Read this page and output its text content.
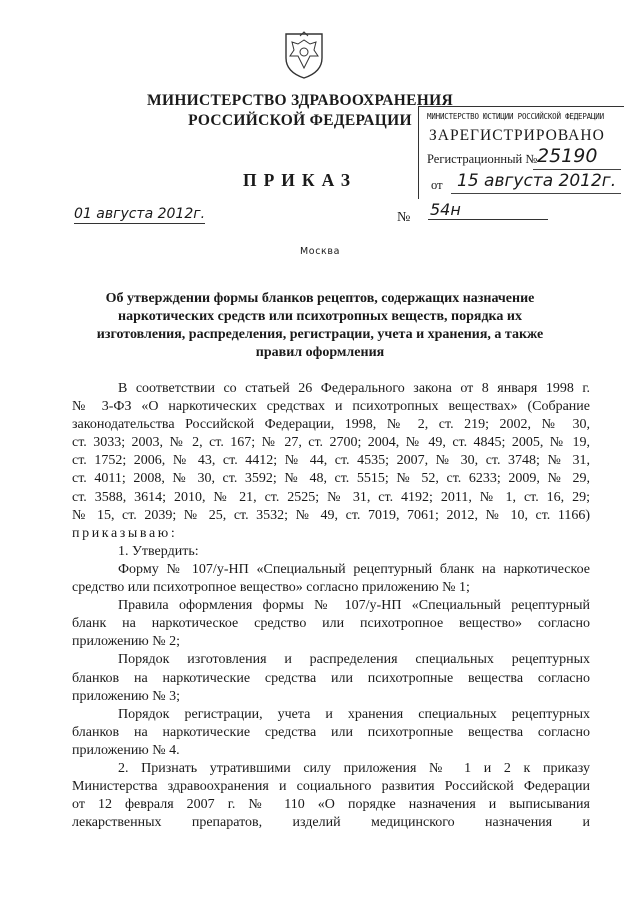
МИНИСТЕРСТВО ЗДРАВООХРАНЕНИЯ
РОССИЙСКОЙ ФЕДЕРАЦИИ	МИНИСТЕРСТВО ЮСТИЦИИ РОССИЙСКОЙ ФЕДЕРАЦИИ
ЗАРЕГИСТРИРОВАНО
Регистрационный № 25190
от 15 августа 2012г.
ПРИКАЗ
01 августа 2012г.	№ 54н
Москва
Об утверждении формы бланков рецептов, содержащих назначение
наркотических средств или психотропных веществ, порядка их
изготовления, распределения, регистрации, учета и хранения, а также
правил оформления
В соответствии со статьей 26 Федерального закона от 8 января 1998 г.
№ 3-ФЗ «О наркотических средствах и психотропных веществах» (Собрание
законодательства Российской Федерации, 1998, № 2, ст. 219; 2002, № 30,
ст. 3033; 2003, № 2, ст. 167; № 27, ст. 2700; 2004, № 49, ст. 4845; 2005, № 19,
ст. 1752; 2006, № 43, ст. 4412; № 44, ст. 4535; 2007, № 30, ст. 3748; № 31,
ст. 4011; 2008, № 30, ст. 3592; № 48, ст. 5515; № 52, ст. 6233; 2009, № 29,
ст. 3588, 3614; 2010, № 21, ст. 2525; № 31, ст. 4192; 2011, № 1, ст. 16, 29;
№ 15, ст. 2039; № 25, ст. 3532; № 49, ст. 7019, 7061; 2012, № 10, ст. 1166)
приказываю:
1. Утвердить:
Форму № 107/у-НП «Специальный рецептурный бланк на наркотическое
средство или психотропное вещество» согласно приложению № 1;
Правила оформления формы № 107/у-НП «Специальный рецептурный
бланк на наркотическое средство или психотропное вещество» согласно
приложению № 2;
Порядок изготовления и распределения специальных рецептурных
бланков на наркотические средства или психотропные вещества согласно
приложению № 3;
Порядок регистрации, учета и хранения специальных рецептурных
бланков на наркотические средства или психотропные вещества согласно
приложению № 4.
2. Признать утратившими силу приложения № 1 и 2 к приказу
Министерства здравоохранения и социального развития Российской Федерации
от 12 февраля 2007 г. № 110 «О порядке назначения и выписывания
лекарственных препаратов, изделий медицинского назначения и
